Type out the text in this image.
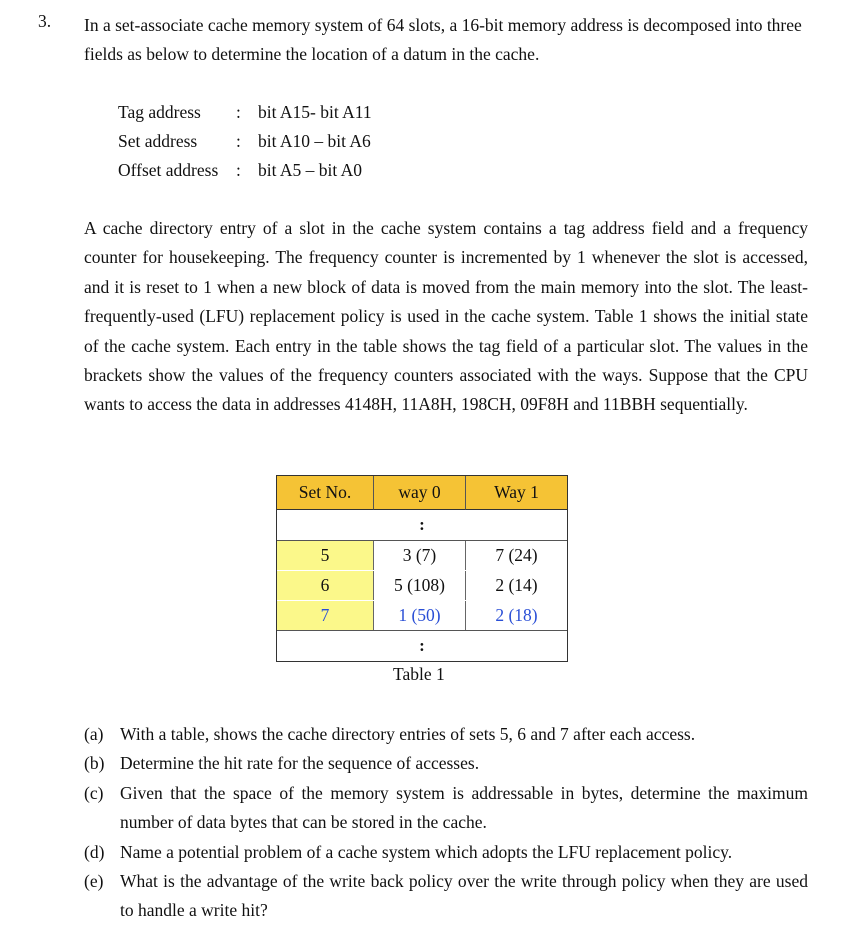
3. In a set-associate cache memory system of 64 slots, a 16-bit memory address is decomposed into three fields as below to determine the location of a datum in the cache.
Tag address	: bit A15- bit A11
Set address	: bit A10 – bit A6
Offset address	: bit A5 – bit A0
A cache directory entry of a slot in the cache system contains a tag address field and a frequency counter for housekeeping. The frequency counter is incremented by 1 whenever the slot is accessed, and it is reset to 1 when a new block of data is moved from the main memory into the slot. The least-frequently-used (LFU) replacement policy is used in the cache system. Table 1 shows the initial state of the cache system. Each entry in the table shows the tag field of a particular slot. The values in the brackets show the values of the frequency counters associated with the ways. Suppose that the CPU wants to access the data in addresses 4148H, 11A8H, 198CH, 09F8H and 11BBH sequentially.
Set No.	way 0	Way 1
:
5	3 (7)	7 (24)
6	5 (108)	2 (14)
7	1 (50)	2 (18)
:
Table 1
(a) With a table, shows the cache directory entries of sets 5, 6 and 7 after each access.
(b) Determine the hit rate for the sequence of accesses.
(c) Given that the space of the memory system is addressable in bytes, determine the maximum number of data bytes that can be stored in the cache.
(d) Name a potential problem of a cache system which adopts the LFU replacement policy.
(e) What is the advantage of the write back policy over the write through policy when they are used to handle a write hit?
